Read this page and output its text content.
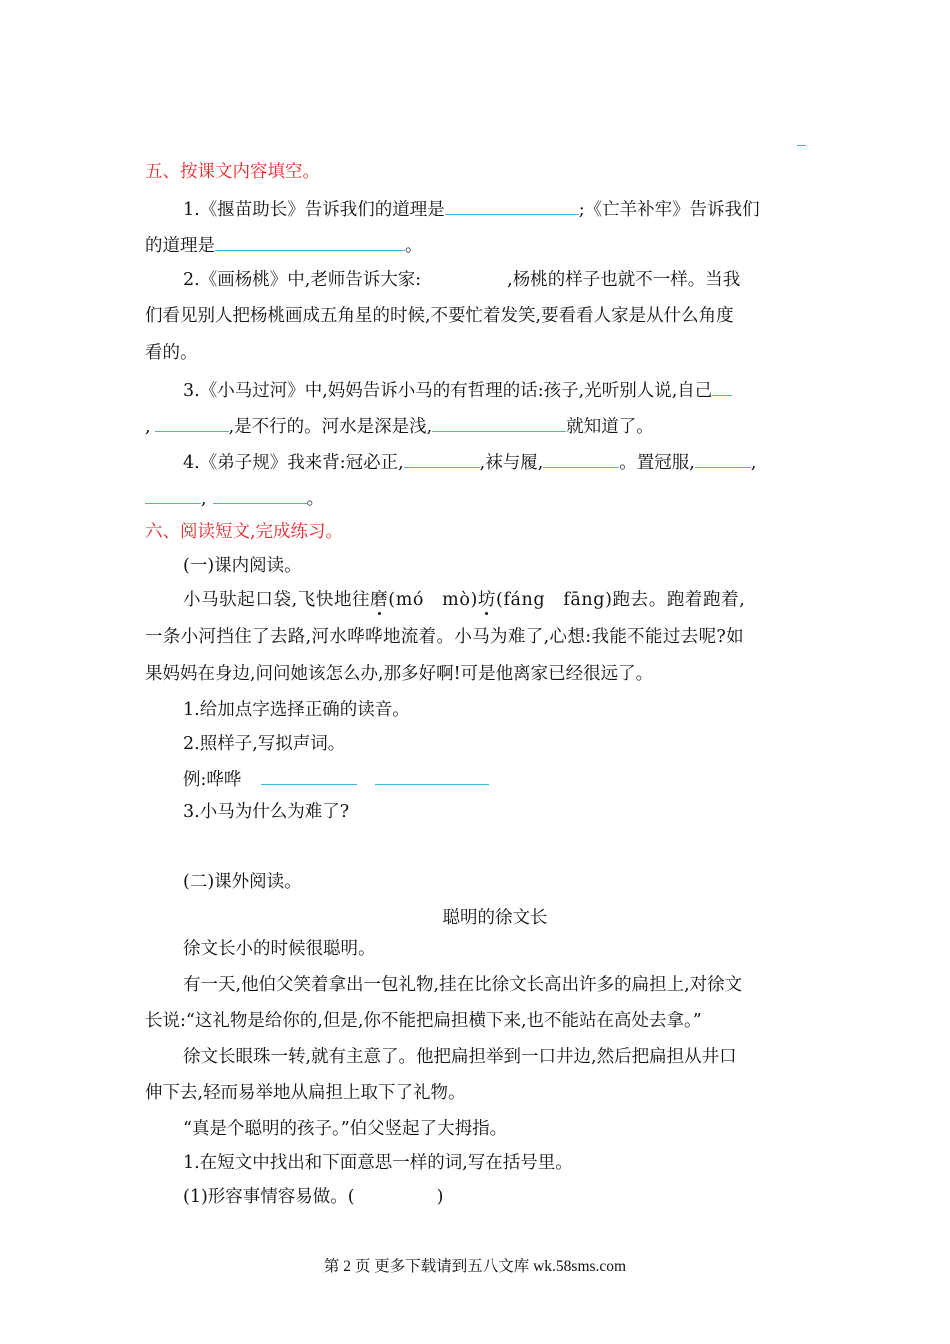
五、按课文内容填空。
1.《揠苗助长》告诉我们的道理是	;《亡羊补牢》告诉我们
的道理是	。
2.《画杨桃》中,老师告诉大家:	,杨桃的样子也就不一样。当我
们看见别人把杨桃画成五角星的时候,不要忙着发笑,要看看人家是从什么角度
看的。
3.《小马过河》中,妈妈告诉小马的有哲理的话:孩子,光听别人说,自己
,	,是不行的。河水是深是浅,	就知道了。
4.《弟子规》我来背:冠必正,	,袜与履,	。置冠服,	,
,	。
六、阅读短文,完成练习。
(一)课内阅读。
小马驮起口袋,飞快地往磨(mó　mò)坊(fáng　fāng)跑去。跑着跑着,
一条小河挡住了去路,河水哗哗地流着。小马为难了,心想:我能不能过去呢?如
果妈妈在身边,问问她该怎么办,那多好啊!可是他离家已经很远了。
1.给加点字选择正确的读音。
2.照样子,写拟声词。
例:哗哗
3.小马为什么为难了?
(二)课外阅读。
聪明的徐文长
徐文长小的时候很聪明。
有一天,他伯父笑着拿出一包礼物,挂在比徐文长高出许多的扁担上,对徐文
长说:“这礼物是给你的,但是,你不能把扁担横下来,也不能站在高处去拿。”
徐文长眼珠一转,就有主意了。他把扁担举到一口井边,然后把扁担从井口
伸下去,轻而易举地从扁担上取下了礼物。
“真是个聪明的孩子。”伯父竖起了大拇指。
1.在短文中找出和下面意思一样的词,写在括号里。
(1)形容事情容易做。(	)
第 2 页 更多下载请到五八文库 wk.58sms.com
